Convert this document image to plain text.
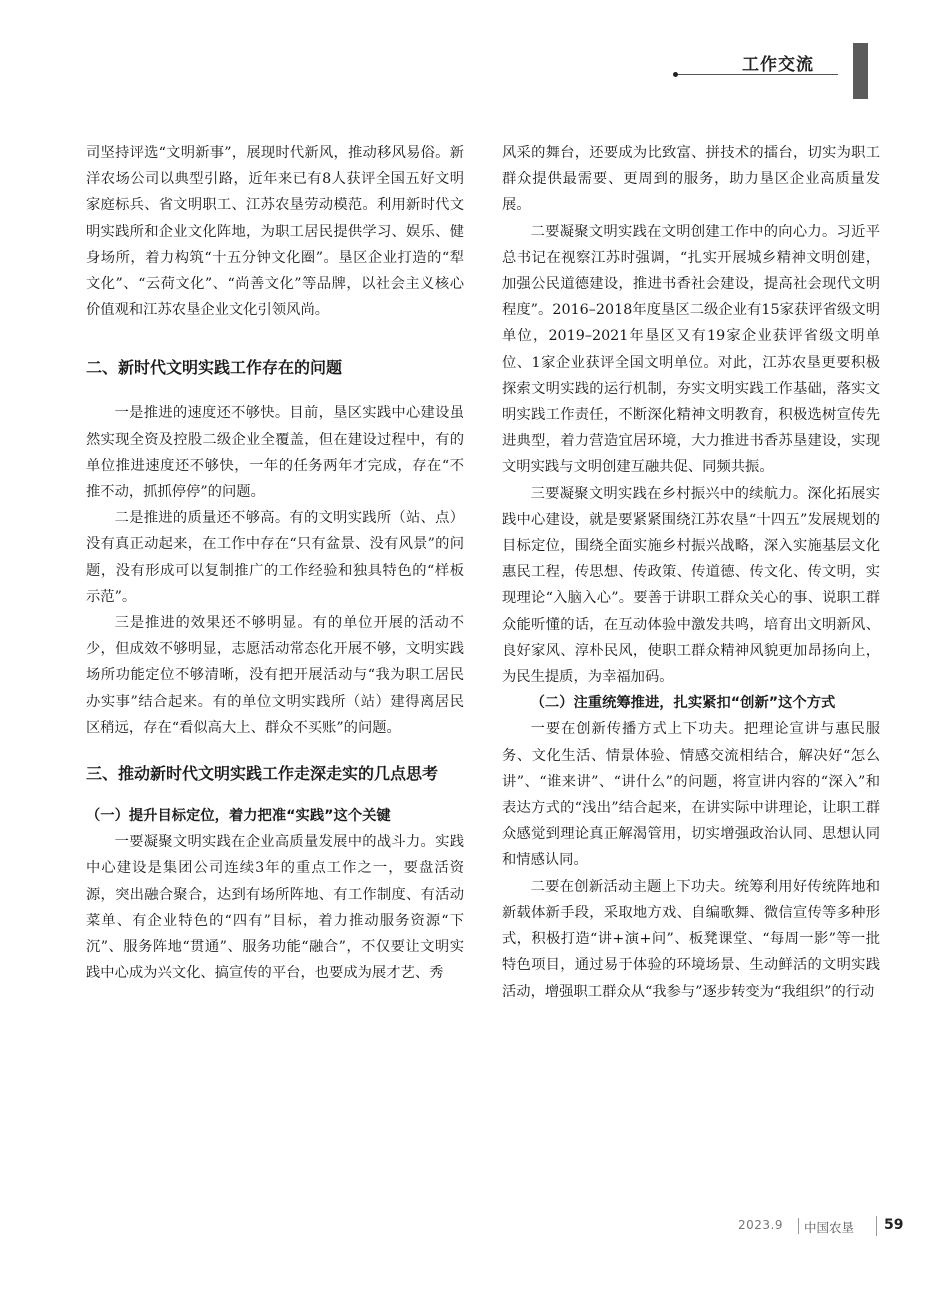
工作交流

司坚持评选“文明新事”，展现时代新风，推动移风易俗。新洋农场公司以典型引路，近年来已有8人获评全国五好文明家庭标兵、省文明职工、江苏农垦劳动模范。利用新时代文明实践所和企业文化阵地，为职工居民提供学习、娱乐、健身场所，着力构筑“十五分钟文化圈”。垦区企业打造的“犁文化”、“云荷文化”、“尚善文化”等品牌，以社会主义核心价值观和江苏农垦企业文化引领风尚。

二、新时代文明实践工作存在的问题

一是推进的速度还不够快。目前，垦区实践中心建设虽然实现全资及控股二级企业全覆盖，但在建设过程中，有的单位推进速度还不够快，一年的任务两年才完成，存在“不推不动，抓抓停停”的问题。

二是推进的质量还不够高。有的文明实践所（站、点）没有真正动起来，在工作中存在“只有盆景、没有风景”的问题，没有形成可以复制推广的工作经验和独具特色的“样板示范”。

三是推进的效果还不够明显。有的单位开展的活动不少，但成效不够明显，志愿活动常态化开展不够，文明实践场所功能定位不够清晰，没有把开展活动与“我为职工居民办实事”结合起来。有的单位文明实践所（站）建得离居民区稍远，存在“看似高大上、群众不买账”的问题。

三、推动新时代文明实践工作走深走实的几点思考
（一）提升目标定位，着力把准“实践”这个关键

一要凝聚文明实践在企业高质量发展中的战斗力。实践中心建设是集团公司连续3年的重点工作之一，要盘活资源，突出融合聚合，达到有场所阵地、有工作制度、有活动菜单、有企业特色的“四有”目标，着力推动服务资源“下沉”、服务阵地“贯通”、服务功能“融合”，不仅要让文明实践中心成为兴文化、搞宣传的平台，也要成为展才艺、秀

风采的舞台，还要成为比致富、拼技术的擂台，切实为职工群众提供最需要、更周到的服务，助力垦区企业高质量发展。

二要凝聚文明实践在文明创建工作中的向心力。习近平总书记在视察江苏时强调，“扎实开展城乡精神文明创建，加强公民道德建设，推进书香社会建设，提高社会现代文明程度”。2016–2018年度垦区二级企业有15家获评省级文明单位，2019–2021年垦区又有19家企业获评省级文明单位、1家企业获评全国文明单位。对此，江苏农垦更要积极探索文明实践的运行机制，夯实文明实践工作基础，落实文明实践工作责任，不断深化精神文明教育，积极选树宣传先进典型，着力营造宜居环境，大力推进书香苏垦建设，实现文明实践与文明创建互融共促、同频共振。

三要凝聚文明实践在乡村振兴中的续航力。深化拓展实践中心建设，就是要紧紧围绕江苏农垦“十四五”发展规划的目标定位，围绕全面实施乡村振兴战略，深入实施基层文化惠民工程，传思想、传政策、传道德、传文化、传文明，实现理论“入脑入心”。要善于讲职工群众关心的事、说职工群众能听懂的话，在互动体验中激发共鸣，培育出文明新风、良好家风、淳朴民风，使职工群众精神风貌更加昂扬向上，为民生提质，为幸福加码。

（二）注重统筹推进，扎实紧扣“创新”这个方式

一要在创新传播方式上下功夫。把理论宣讲与惠民服务、文化生活、情景体验、情感交流相结合，解决好“怎么讲”、“谁来讲”、“讲什么”的问题，将宣讲内容的“深入”和表达方式的“浅出”结合起来，在讲实际中讲理论，让职工群众感觉到理论真正解渴管用，切实增强政治认同、思想认同和情感认同。

二要在创新活动主题上下功夫。统筹利用好传统阵地和新载体新手段，采取地方戏、自编歌舞、微信宣传等多种形式，积极打造“讲+演+问”、板凳课堂、“每周一影”等一批特色项目，通过易于体验的环境场景、生动鲜活的文明实践活动，增强职工群众从“我参与”逐步转变为“我组织”的行动

2023.9 中国农垦 59
